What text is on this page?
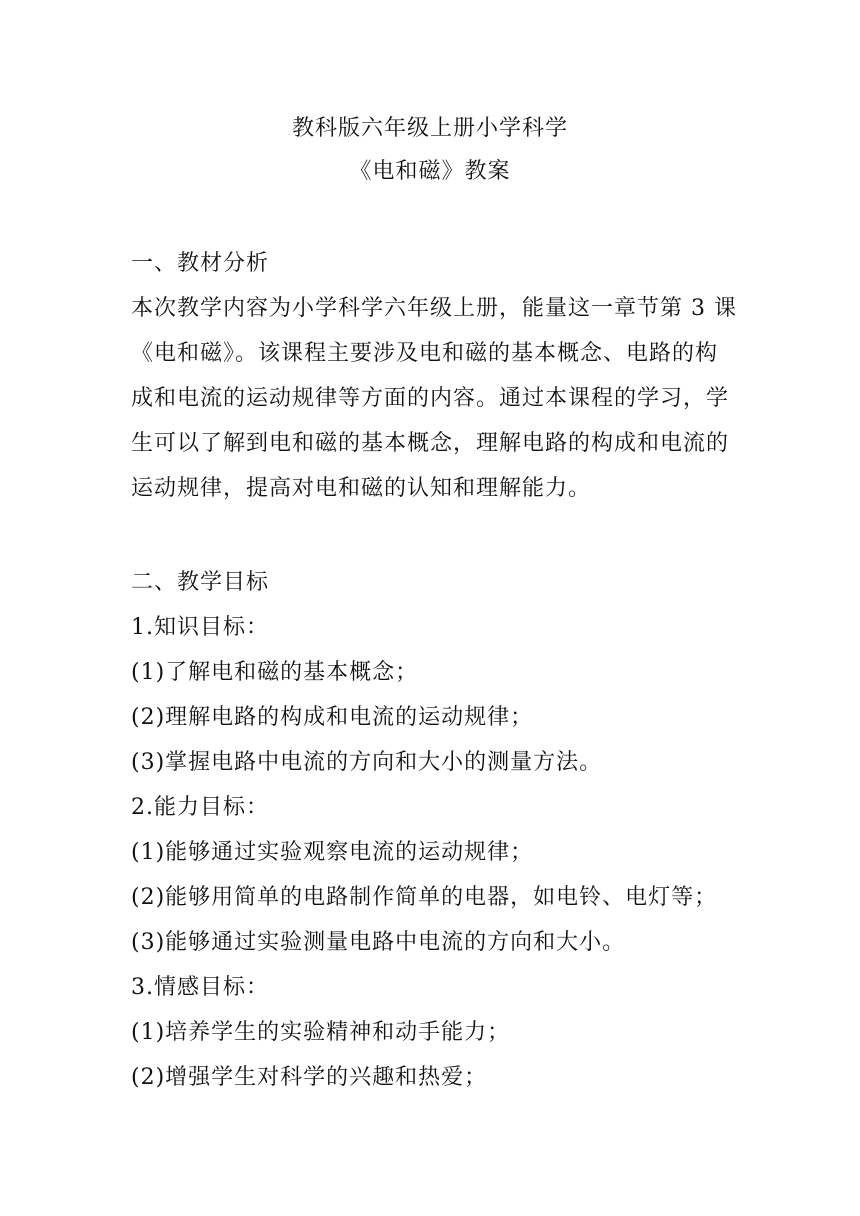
教科版六年级上册小学科学
《电和磁》教案
一、教材分析
本次教学内容为小学科学六年级上册，能量这一章节第 3 课
《电和磁》。该课程主要涉及电和磁的基本概念、电路的构
成和电流的运动规律等方面的内容。通过本课程的学习，学
生可以了解到电和磁的基本概念，理解电路的构成和电流的
运动规律，提高对电和磁的认知和理解能力。
二、教学目标
1.知识目标：
(1)了解电和磁的基本概念；
(2)理解电路的构成和电流的运动规律；
(3)掌握电路中电流的方向和大小的测量方法。
2.能力目标：
(1)能够通过实验观察电流的运动规律；
(2)能够用简单的电路制作简单的电器，如电铃、电灯等；
(3)能够通过实验测量电路中电流的方向和大小。
3.情感目标：
(1)培养学生的实验精神和动手能力；
(2)增强学生对科学的兴趣和热爱；
